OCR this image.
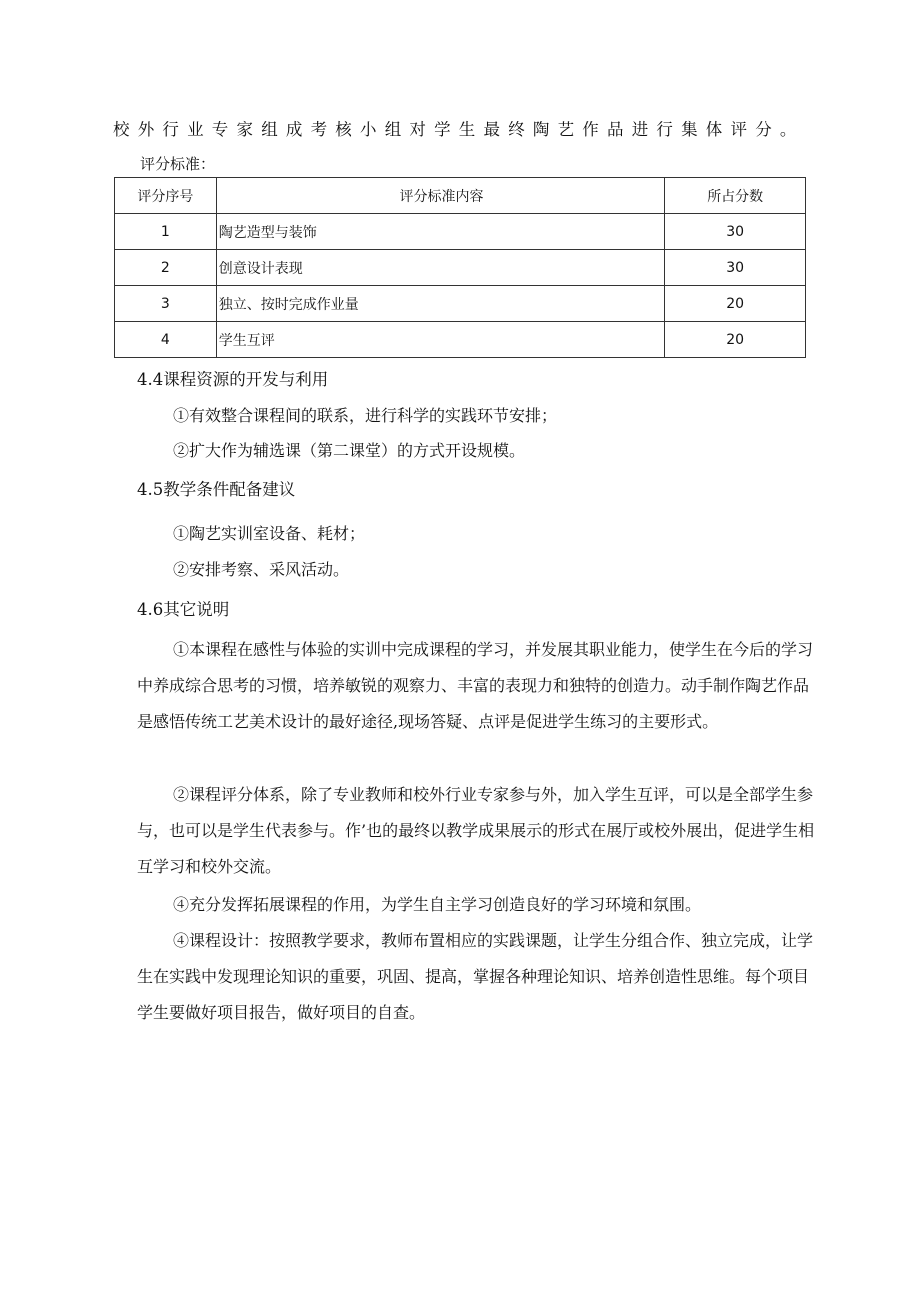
校外行业专家组成考核小组对学生最终陶艺作品进行集体评分。
评分标准：
评分序号	评分标准内容	所占分数
1	陶艺造型与装饰	30
2	创意设计表现	30
3	独立、按时完成作业量	20
4	学生互评	20
4.4课程资源的开发与利用
①有效整合课程间的联系，进行科学的实践环节安排；
②扩大作为辅选课（第二课堂）的方式开设规模。
4.5教学条件配备建议
①陶艺实训室设备、耗材；
②安排考察、采风活动。
4.6其它说明
①本课程在感性与体验的实训中完成课程的学习，并发展其职业能力，使学生在今后的学习中养成综合思考的习惯，培养敏锐的观察力、丰富的表现力和独特的创造力。动手制作陶艺作品是感悟传统工艺美术设计的最好途径,现场答疑、点评是促进学生练习的主要形式。
②课程评分体系，除了专业教师和校外行业专家参与外，加入学生互评，可以是全部学生参与，也可以是学生代表参与。作’也的最终以教学成果展示的形式在展厅或校外展出，促进学生相互学习和校外交流。
④充分发挥拓展课程的作用，为学生自主学习创造良好的学习环境和氛围。
④课程设计：按照教学要求，教师布置相应的实践课题，让学生分组合作、独立完成，让学生在实践中发现理论知识的重要，巩固、提高，掌握各种理论知识、培养创造性思维。每个项目学生要做好项目报告，做好项目的自查。
